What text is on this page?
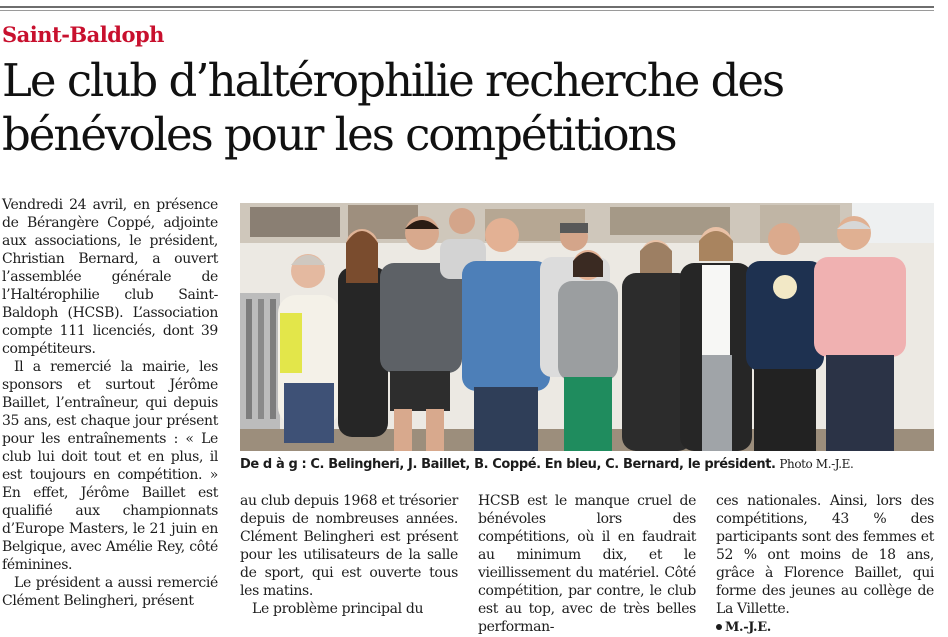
Saint-Baldoph
Le club d’haltérophilie recherche des bénévoles pour les compétitions

Vendredi 24 avril, en présence de Bérangère Coppé, adjointe aux associations, le président, Christian Bernard, a ouvert l’assemblée générale de l’Haltérophilie club Saint-Baldoph (HCSB). L’association compte 111 licenciés, dont 39 compétiteurs.

Il a remercié la mairie, les sponsors et surtout Jérôme Baillet, l’entraîneur, qui depuis 35 ans, est chaque jour présent pour les entraînements : « Le club lui doit tout et en plus, il est toujours en compétition. » En effet, Jérôme Baillet est qualifié aux championnats d’Europe Masters, le 21 juin en Belgique, avec Amélie Rey, côté féminines.

Le président a aussi remercié Clément Belingheri, présent

De d à g : C. Belingheri, J. Baillet, B. Coppé. En bleu, C. Bernard, le président. Photo M.-J.E.

au club depuis 1968 et trésorier depuis de nombreuses années. Clément Belingheri est présent pour les utilisateurs de la salle de sport, qui est ouverte tous les matins.

Le problème principal du

HCSB est le manque cruel de bénévoles lors des compétitions, où il en faudrait au minimum dix, et le vieillissement du matériel. Côté compétition, par contre, le club est au top, avec de très belles performan-

ces nationales. Ainsi, lors des compétitions, 43 % des participants sont des femmes et 52 % ont moins de 18 ans, grâce à Florence Baillet, qui forme des jeunes au collège de La Villette.

M.-J.E.
